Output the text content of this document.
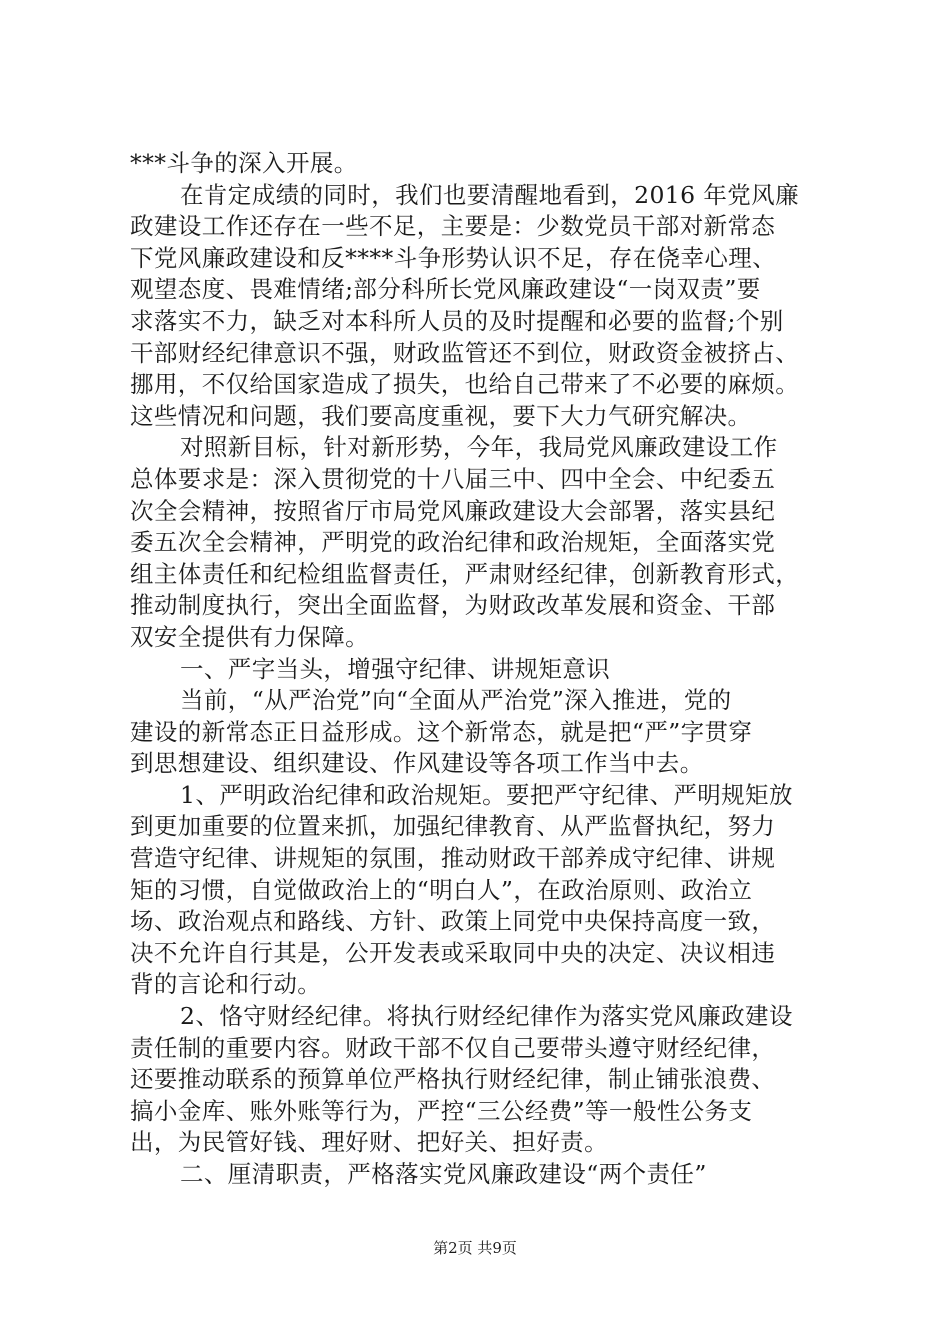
***斗争的深入开展。
在肯定成绩的同时，我们也要清醒地看到，2016 年党风廉
政建设工作还存在一些不足，主要是：少数党员干部对新常态
下党风廉政建设和反****斗争形势认识不足，存在侥幸心理、
观望态度、畏难情绪;部分科所长党风廉政建设“一岗双责”要
求落实不力，缺乏对本科所人员的及时提醒和必要的监督;个别
干部财经纪律意识不强，财政监管还不到位，财政资金被挤占、
挪用，不仅给国家造成了损失，也给自己带来了不必要的麻烦。
这些情况和问题，我们要高度重视，要下大力气研究解决。
对照新目标，针对新形势，今年，我局党风廉政建设工作
总体要求是：深入贯彻党的十八届三中、四中全会、中纪委五
次全会精神，按照省厅市局党风廉政建设大会部署，落实县纪
委五次全会精神，严明党的政治纪律和政治规矩，全面落实党
组主体责任和纪检组监督责任，严肃财经纪律，创新教育形式，
推动制度执行，突出全面监督，为财政改革发展和资金、干部
双安全提供有力保障。
一、严字当头，增强守纪律、讲规矩意识
当前，“从严治党”向“全面从严治党”深入推进，党的
建设的新常态正日益形成。这个新常态，就是把“严”字贯穿
到思想建设、组织建设、作风建设等各项工作当中去。
1、严明政治纪律和政治规矩。要把严守纪律、严明规矩放
到更加重要的位置来抓，加强纪律教育、从严监督执纪，努力
营造守纪律、讲规矩的氛围，推动财政干部养成守纪律、讲规
矩的习惯，自觉做政治上的“明白人”，在政治原则、政治立
场、政治观点和路线、方针、政策上同党中央保持高度一致，
决不允许自行其是，公开发表或采取同中央的决定、决议相违
背的言论和行动。
2、恪守财经纪律。将执行财经纪律作为落实党风廉政建设
责任制的重要内容。财政干部不仅自己要带头遵守财经纪律，
还要推动联系的预算单位严格执行财经纪律，制止铺张浪费、
搞小金库、账外账等行为，严控“三公经费”等一般性公务支
出，为民管好钱、理好财、把好关、担好责。
二、厘清职责，严格落实党风廉政建设“两个责任”
第2页 共9页
